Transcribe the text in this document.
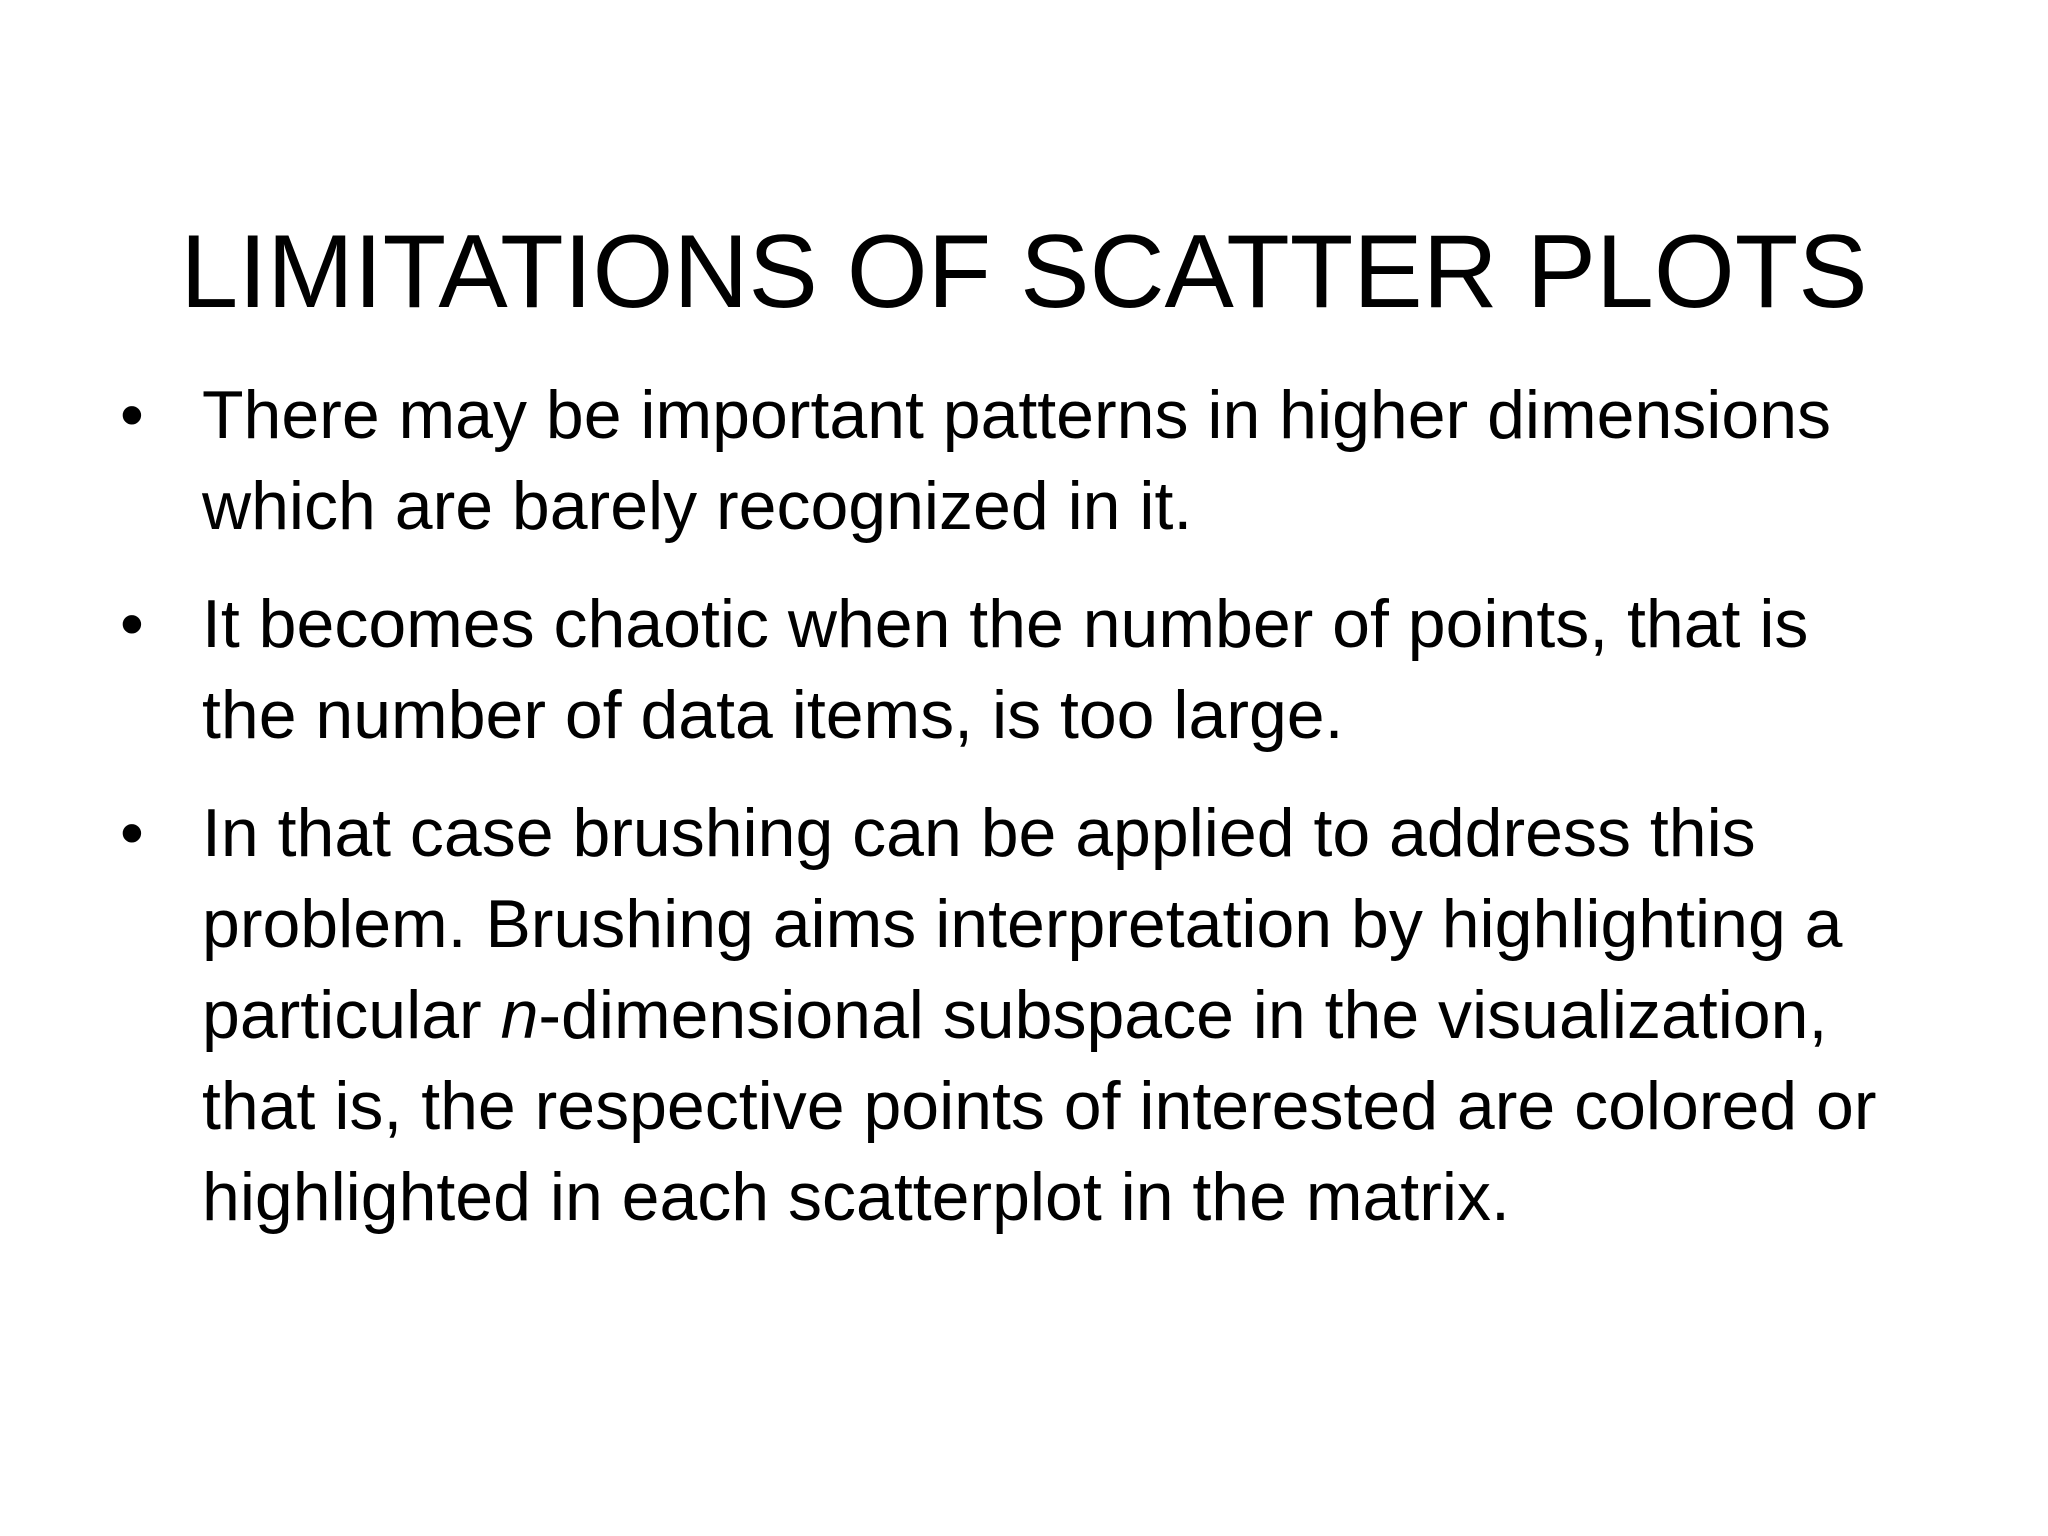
LIMITATIONS OF SCATTER PLOTS
• There may be important patterns in higher dimensions which are barely recognized in it.
• It becomes chaotic when the number of points, that is the number of data items, is too large.
• In that case brushing can be applied to address this problem. Brushing aims interpretation by highlighting a particular n-dimensional subspace in the visualization, that is, the respective points of interested are colored or highlighted in each scatterplot in the matrix.
